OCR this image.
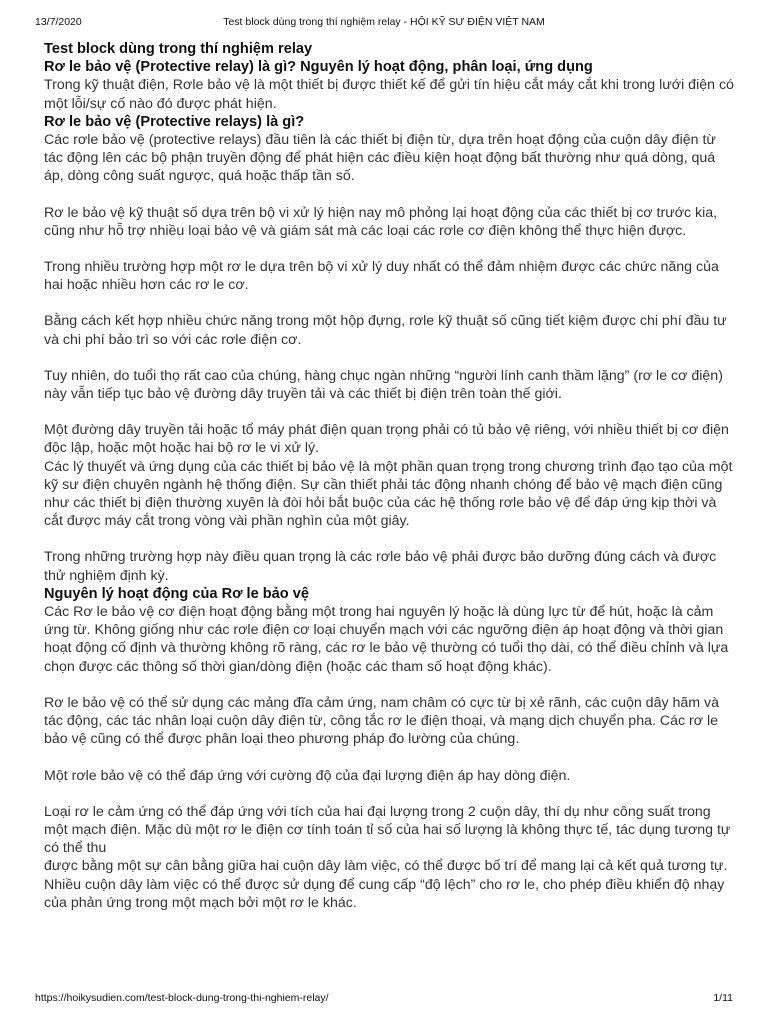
13/7/2020	Test block dùng trong thí nghiệm relay - HỘI KỸ SƯ ĐIỆN VIỆT NAM
Test block dùng trong thí nghiệm relay
Rơ le bảo vệ (Protective relay) là gì? Nguyên lý hoạt động, phân loại, ứng dụng

Trong kỹ thuật điện, Rơle bảo vệ là một thiết bị được thiết kế để gửi tín hiệu cắt máy cắt khi trong lưới điện có một lỗi/sự cố nào đó được phát hiện.

Rơ le bảo vệ (Protective relays) là gì?

Các rơle bảo vệ (protective relays) đầu tiên là các thiết bị điện từ, dựa trên hoạt động của cuộn dây điện từ tác động lên các bộ phận truyền động để phát hiện các điều kiện hoạt động bất thường như quá dòng, quá áp, dòng công suất ngược, quá hoặc thấp tần số.

Rơ le bảo vệ kỹ thuật số dựa trên bộ vi xử lý hiện nay mô phỏng lại hoạt động của các thiết bị cơ trước kia, cũng như hỗ trợ nhiều loại bảo vệ và giám sát mà các loại các rơle cơ điện không thể thực hiện được.

Trong nhiều trường hợp một rơ le dựa trên bộ vi xử lý duy nhất có thể đảm nhiệm được các chức năng của hai hoặc nhiều hơn các rơ le cơ.

Bằng cách kết hợp nhiều chức năng trong một hộp đựng, rơle kỹ thuật số cũng tiết kiệm được chi phí đầu tư và chi phí bảo trì so với các rơle điện cơ.

Tuy nhiên, do tuổi thọ rất cao của chúng, hàng chục ngàn những “người lính canh thầm lặng” (rơ le cơ điện) này vẫn tiếp tục bảo vệ đường dây truyền tải và các thiết bị điện trên toàn thế giới.

Một đường dây truyền tải hoặc tổ máy phát điện quan trọng phải có tủ bảo vệ riêng, với nhiều thiết bị cơ điện độc lập, hoặc một hoặc hai bộ rơ le vi xử lý.

Các lý thuyết và ứng dụng của các thiết bị bảo vệ là một phần quan trọng trong chương trình đạo tạo của một kỹ sư điện chuyên ngành hệ thống điện. Sự cần thiết phải tác động nhanh chóng để bảo vệ mạch điện cũng như các thiết bị điện thường xuyên là đòi hỏi bắt buộc của các hệ thống rơle bảo vệ để đáp ứng kịp thời và cắt được máy cắt trong vòng vài phần nghìn của một giây.

Trong những trường hợp này điều quan trọng là các rơle bảo vệ phải được bảo dưỡng đúng cách và được thử nghiệm định kỳ.

Nguyên lý hoạt động của Rơ le bảo vệ

Các Rơ le bảo vệ cơ điện hoạt động bằng một trong hai nguyên lý hoặc là dùng lực từ để hút, hoặc là cảm ứng từ. Không giống như các rơle điện cơ loại chuyển mạch với các ngưỡng điện áp hoạt động và thời gian hoạt động cố định và thường không rõ ràng, các rơ le bảo vệ thường có tuổi thọ dài, có thể điều chỉnh và lựa chọn được các thông số thời gian/dòng điện (hoặc các tham số hoạt động khác).

Rơ le bảo vệ có thể sử dụng các mảng đĩa cảm ứng, nam châm có cực từ bị xẻ rãnh, các cuộn dây hãm và tác động, các tác nhân loại cuộn dây điện từ, công tắc rơ le điện thoại, và mạng dịch chuyển pha. Các rơ le bảo vệ cũng có thể được phân loại theo phương pháp đo lường của chúng.

Một rơle bảo vệ có thể đáp ứng với cường độ của đại lượng điện áp hay dòng điện.

Loại rơ le cảm ứng có thể đáp ứng với tích của hai đại lượng trong 2 cuộn dây, thí dụ như công suất trong một mạch điện. Mặc dù một rơ le điện cơ tính toán tỉ số của hai số lượng là không thực tế, tác dụng tương tự có thể thu

được bằng một sự cân bằng giữa hai cuộn dây làm việc, có thể được bố trí để mang lại cả kết quả tương tự.

Nhiều cuộn dây làm việc có thể được sử dụng để cung cấp “độ lệch” cho rơ le, cho phép điều khiển độ nhạy của phản ứng trong một mạch bởi một rơ le khác.

https://hoikysudien.com/test-block-dung-trong-thi-nghiem-relay/	1/11
